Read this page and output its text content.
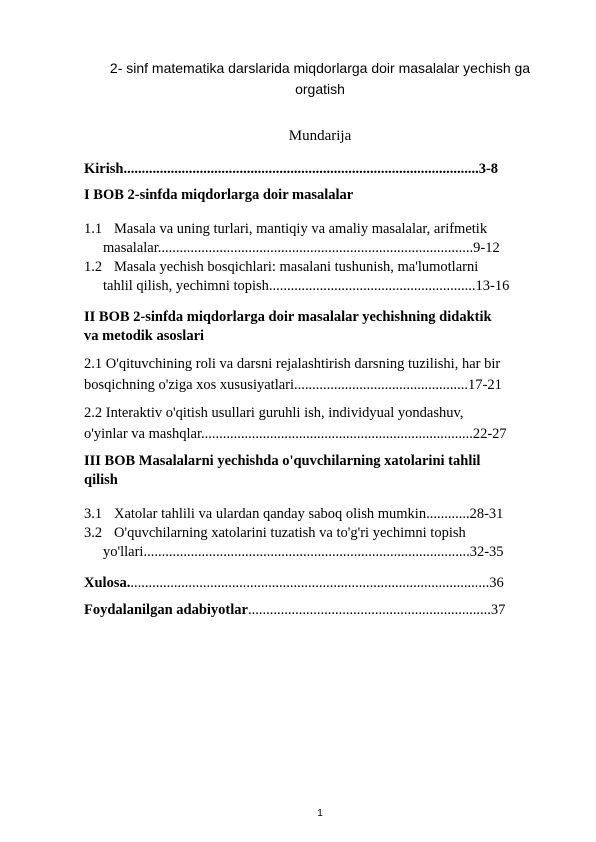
2- sinf matematika darslarida miqdorlarga doir masalalar yechish ga orgatish
Mundarija
Kirish..................................................................................................3-8
I BOB 2-sinfda miqdorlarga doir masalalar
1.1 Masala va uning turlari, mantiqiy va amaliy masalalar, arifmetik
masalalar.......................................................................................9-12
1.2 Masala yechish bosqichlari: masalani tushunish, ma'lumotlarni
tahlil qilish, yechimni topish.........................................................13-16
II BOB 2-sinfda miqdorlarga doir masalalar yechishning didaktik
va metodik asoslari
2.1 O'qituvchining roli va darsni rejalashtirish darsning tuzilishi, har bir
bosqichning o'ziga xos xususiyatlari................................................17-21
2.2 Interaktiv o'qitish usullari guruhli ish, individyual yondashuv,
o'yinlar va mashqlar...........................................................................22-27
III BOB Masalalarni yechishda o'quvchilarning xatolarini tahlil
qilish
3.1 Xatolar tahlili va ulardan qanday saboq olish mumkin............28-31
3.2 O'quvchilarning xatolarini tuzatish va to'g'ri yechimni topish
yo'llari..........................................................................................32-35
Xulosa....................................................................................................36
Foydalanilgan adabiyotlar...................................................................37
1
